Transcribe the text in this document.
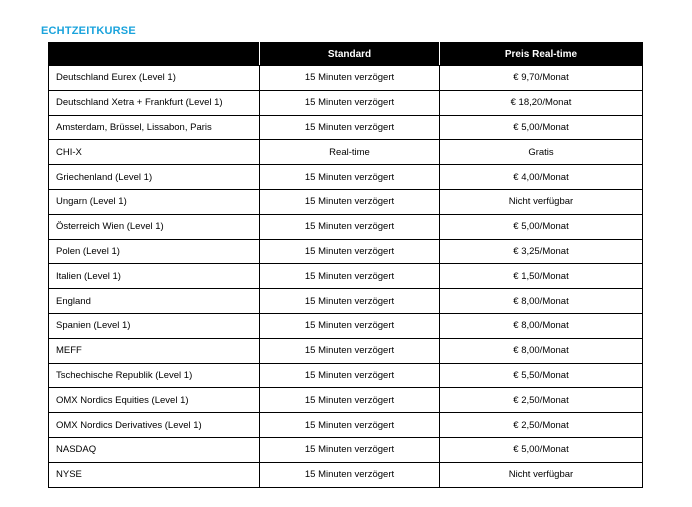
ECHTZEITKURSE
	Standard	Preis Real-time
Deutschland Eurex (Level 1)	15 Minuten verzögert	€ 9,70/Monat
Deutschland Xetra + Frankfurt (Level 1)	15 Minuten verzögert	€ 18,20/Monat
Amsterdam, Brüssel, Lissabon, Paris	15 Minuten verzögert	€ 5,00/Monat
CHI-X	Real-time	Gratis
Griechenland (Level 1)	15 Minuten verzögert	€ 4,00/Monat
Ungarn (Level 1)	15 Minuten verzögert	Nicht verfügbar
Österreich Wien (Level 1)	15 Minuten verzögert	€ 5,00/Monat
Polen (Level 1)	15 Minuten verzögert	€ 3,25/Monat
Italien (Level 1)	15 Minuten verzögert	€ 1,50/Monat
England	15 Minuten verzögert	€ 8,00/Monat
Spanien (Level 1)	15 Minuten verzögert	€ 8,00/Monat
MEFF	15 Minuten verzögert	€ 8,00/Monat
Tschechische Republik (Level 1)	15 Minuten verzögert	€ 5,50/Monat
OMX Nordics Equities (Level 1)	15 Minuten verzögert	€ 2,50/Monat
OMX Nordics Derivatives (Level 1)	15 Minuten verzögert	€ 2,50/Monat
NASDAQ	15 Minuten verzögert	€ 5,00/Monat
NYSE	15 Minuten verzögert	Nicht verfügbar
